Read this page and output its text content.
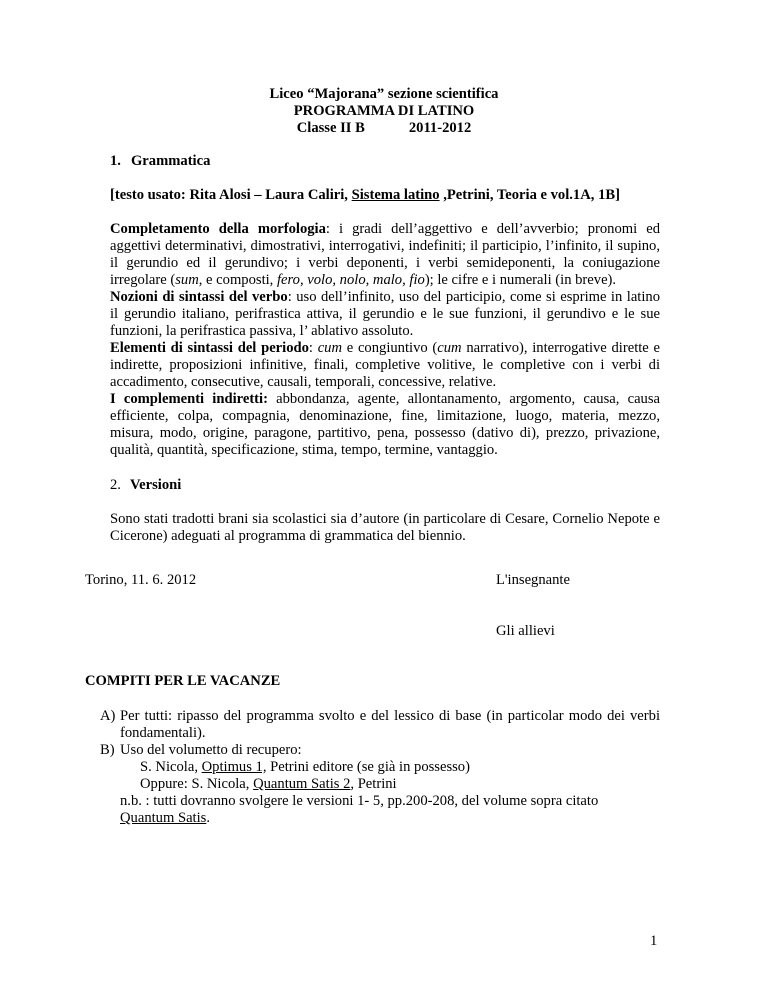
Liceo “Majorana” sezione scientifica
PROGRAMMA DI LATINO
Classe II B	2011-2012
1. Grammatica
[testo usato: Rita Alosi – Laura Caliri, Sistema latino ,Petrini, Teoria e vol.1A, 1B]
Completamento della morfologia: i gradi dell’aggettivo e dell’avverbio; pronomi ed aggettivi determinativi, dimostrativi, interrogativi, indefiniti; il participio, l’infinito, il supino, il gerundio ed il gerundivo; i verbi deponenti, i verbi semideponenti, la coniugazione irregolare (sum, e composti, fero, volo, nolo, malo, fio); le cifre e i numerali (in breve).
Nozioni di sintassi del verbo: uso dell’infinito, uso del participio, come si esprime in latino il gerundio italiano, perifrastica attiva, il gerundio e le sue funzioni, il gerundivo e le sue funzioni, la perifrastica passiva, l’ ablativo assoluto.
Elementi di sintassi del periodo: cum e congiuntivo (cum narrativo), interrogative dirette e indirette, proposizioni infinitive, finali, completive volitive, le completive con i verbi di accadimento, consecutive, causali, temporali, concessive, relative.
I complementi indiretti: abbondanza, agente, allontanamento, argomento, causa, causa efficiente, colpa, compagnia, denominazione, fine, limitazione, luogo, materia, mezzo, misura, modo, origine, paragone, partitivo, pena, possesso (dativo di), prezzo, privazione, qualità, quantità, specificazione, stima, tempo, termine, vantaggio.
2. Versioni
Sono stati tradotti brani sia scolastici sia d’autore (in particolare di Cesare, Cornelio Nepote e Cicerone) adeguati al programma di grammatica del biennio.
Torino, 11. 6. 2012	L'insegnante
Gli allievi
COMPITI PER LE VACANZE
A) Per tutti: ripasso del programma svolto e del lessico di base (in particolar modo dei verbi fondamentali).
B) Uso del volumetto di recupero:
S. Nicola, Optimus 1, Petrini editore (se già in possesso)
Oppure: S. Nicola, Quantum Satis 2, Petrini
n.b. : tutti dovranno svolgere le versioni 1- 5, pp.200-208, del volume sopra citato
Quantum Satis.
1
